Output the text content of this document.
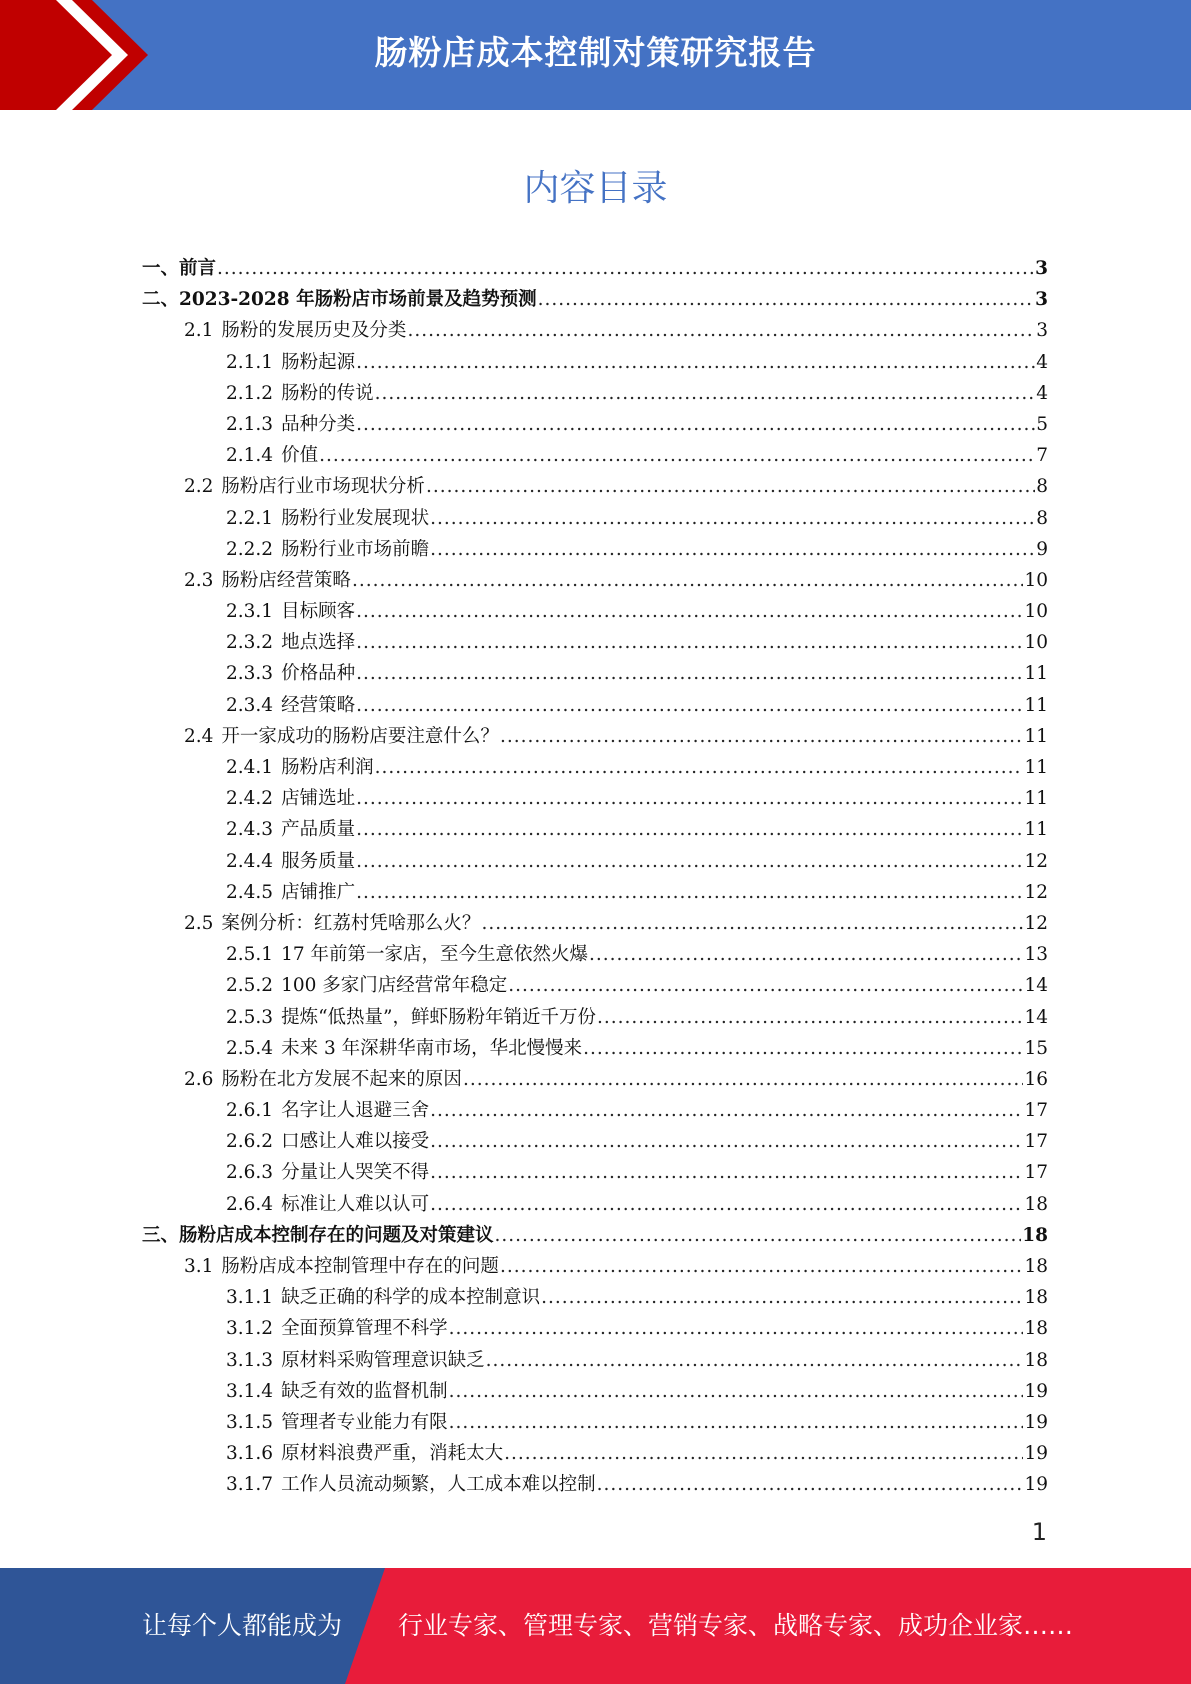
肠粉店成本控制对策研究报告
内容目录
一、前言 .....	3
二、2023-2028 年肠粉店市场前景及趋势预测 .....	3
2.1 肠粉的发展历史及分类 .....	3
2.1.1 肠粉起源 .....	4
2.1.2 肠粉的传说 .....	4
2.1.3 品种分类 .....	5
2.1.4 价值 .....	7
2.2 肠粉店行业市场现状分析 .....	8
2.2.1 肠粉行业发展现状 .....	8
2.2.2 肠粉行业市场前瞻 .....	9
2.3 肠粉店经营策略 .....	10
2.3.1 目标顾客 .....	10
2.3.2 地点选择 .....	10
2.3.3 价格品种 .....	11
2.3.4 经营策略 .....	11
2.4 开一家成功的肠粉店要注意什么？ .....	11
2.4.1 肠粉店利润 .....	11
2.4.2 店铺选址 .....	11
2.4.3 产品质量 .....	11
2.4.4 服务质量 .....	12
2.4.5 店铺推广 .....	12
2.5 案例分析：红荔村凭啥那么火？ .....	12
2.5.1 17 年前第一家店，至今生意依然火爆 .....	13
2.5.2 100 多家门店经营常年稳定 .....	14
2.5.3 提炼“低热量”，鲜虾肠粉年销近千万份 .....	14
2.5.4 未来 3 年深耕华南市场，华北慢慢来 .....	15
2.6 肠粉在北方发展不起来的原因 .....	16
2.6.1 名字让人退避三舍 .....	17
2.6.2 口感让人难以接受 .....	17
2.6.3 分量让人哭笑不得 .....	17
2.6.4 标准让人难以认可 .....	18
三、肠粉店成本控制存在的问题及对策建议 .....	18
3.1 肠粉店成本控制管理中存在的问题 .....	18
3.1.1 缺乏正确的科学的成本控制意识 .....	18
3.1.2 全面预算管理不科学 .....	18
3.1.3 原材料采购管理意识缺乏 .....	18
3.1.4 缺乏有效的监督机制 .....	19
3.1.5 管理者专业能力有限 .....	19
3.1.6 原材料浪费严重，消耗太大 .....	19
3.1.7 工作人员流动频繁，人工成本难以控制 .....	19
1
让每个人都能成为 行业专家、管理专家、营销专家、战略专家、成功企业家……
